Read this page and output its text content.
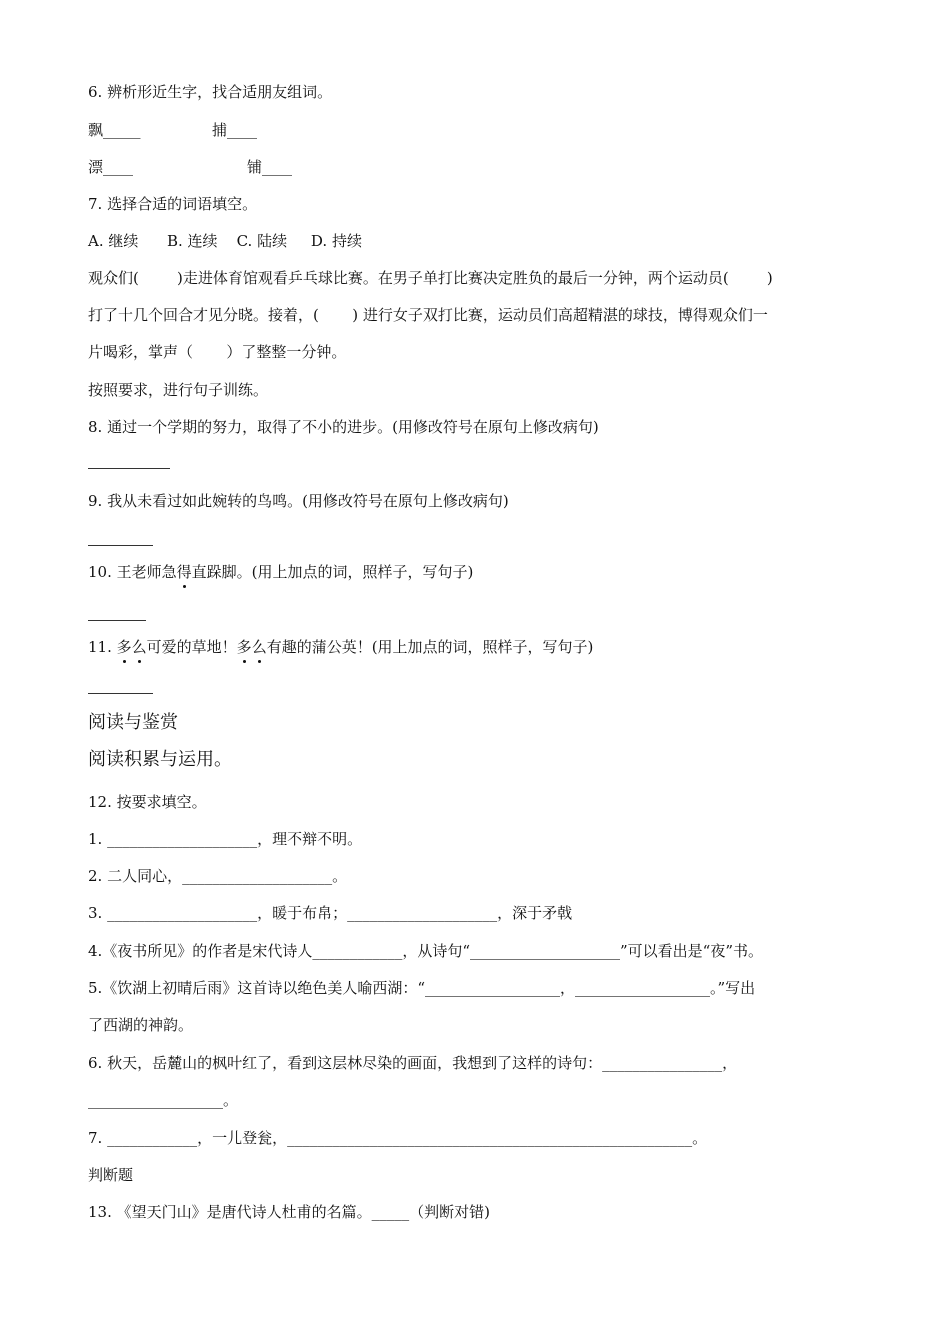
6. 辨析形近生字，找合适朋友组词。
飘_____	捕____
漂____	铺____
7. 选择合适的词语填空。
A. 继续      B. 连续    C. 陆续     D. 持续
观众们(        )走进体育馆观看乒乓球比赛。在男子单打比赛决定胜负的最后一分钟，两个运动员(        )
打了十几个回合才见分晓。接着，(       ) 进行女子双打比赛，运动员们高超精湛的球技，博得观众们一
片喝彩，掌声（       ）了整整一分钟。
按照要求，进行句子训练。
8. 通过一个学期的努力，取得了不小的进步。(用修改符号在原句上修改病句)
9. 我从未看过如此婉转的鸟鸣。(用修改符号在原句上修改病句)
10. 王老师急得直跺脚。(用上加点的词，照样子，写句子)
11. 多么可爱的草地！多么有趣的蒲公英！(用上加点的词，照样子，写句子)
阅读与鉴赏
阅读积累与运用。
12. 按要求填空。
1. ____________________，理不辩不明。
2. 二人同心，____________________。
3. ____________________，暖于布帛；____________________，深于矛戟
4.《夜书所见》的作者是宋代诗人____________，从诗句“____________________”可以看出是“夜”书。
5.《饮湖上初晴后雨》这首诗以绝色美人喻西湖：“__________________，__________________。”写出
了西湖的神韵。
6. 秋天，岳麓山的枫叶红了，看到这层林尽染的画面，我想到了这样的诗句：________________，
__________________。
7. ____________，一儿登瓮，______________________________________________________。
判断题
13. 《望天门山》是唐代诗人杜甫的名篇。_____（判断对错)
